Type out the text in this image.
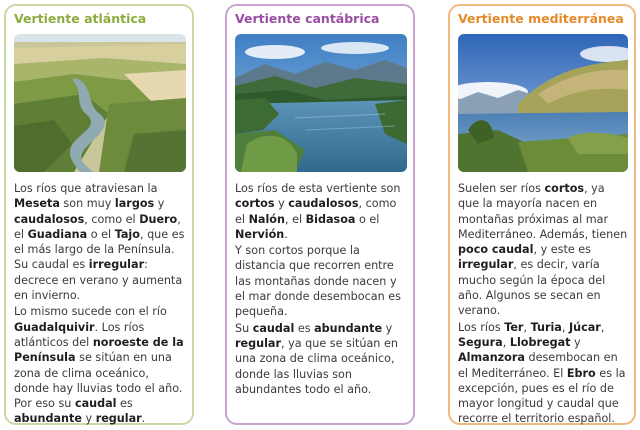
Vertiente atlántica

Los ríos que atraviesan la Meseta son muy largos y caudalosos, como el Duero, el Guadiana o el Tajo, que es el más largo de la Península. Su caudal es irregular: decrece en verano y aumenta en invierno.

Lo mismo sucede con el río Guadalquivir. Los ríos atlánticos del noroeste de la Península se sitúan en una zona de clima oceánico, donde hay lluvias todo el año. Por eso su caudal es abundante y regular.

Vertiente cantábrica

Los ríos de esta vertiente son cortos y caudalosos, como el Nalón, el Bidasoa o el Nervión.

Y son cortos porque la distancia que recorren entre las montañas donde nacen y el mar donde desembocan es pequeña.

Su caudal es abundante y regular, ya que se sitúan en una zona de clima oceánico, donde las lluvias son abundantes todo el año.

Vertiente mediterránea

Suelen ser ríos cortos, ya que la mayoría nacen en montañas próximas al mar Mediterráneo. Además, tienen poco caudal, y este es irregular, es decir, varía mucho según la época del año. Algunos se secan en verano.

Los ríos Ter, Turia, Júcar, Segura, Llobregat y Almanzora desembocan en el Mediterráneo. El Ebro es la excepción, pues es el río de mayor longitud y caudal que recorre el territorio español.
